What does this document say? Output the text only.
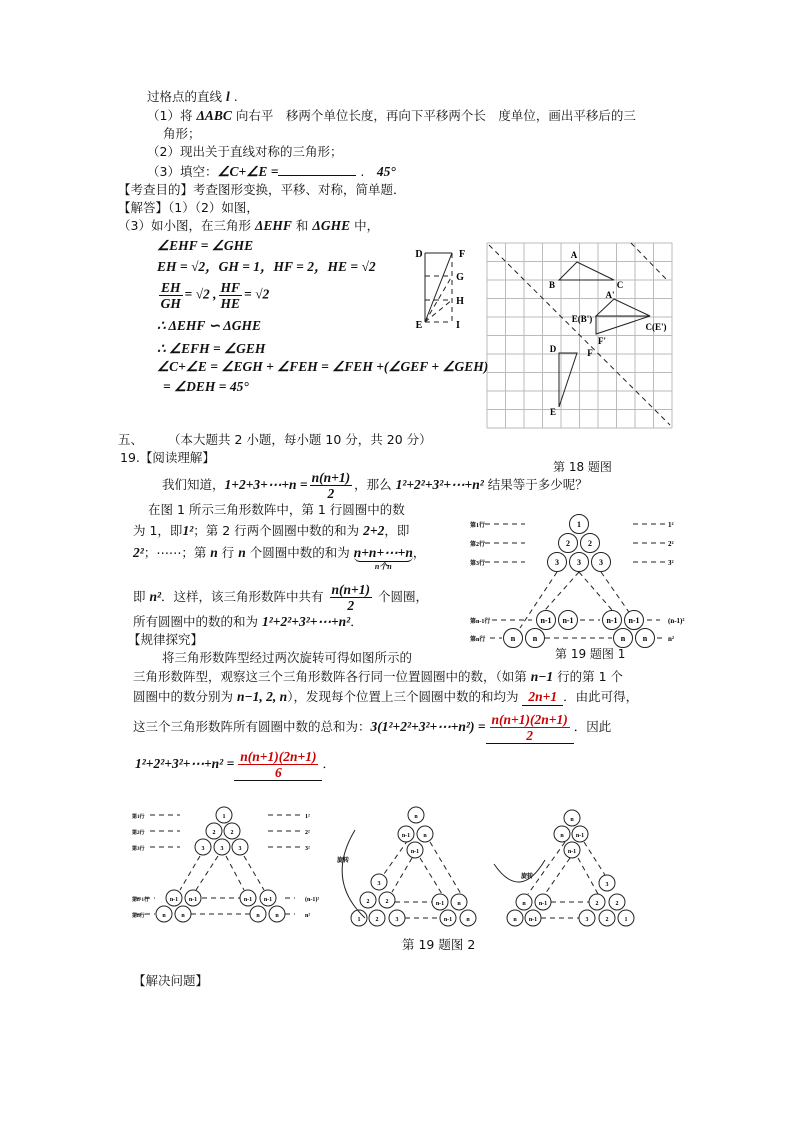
A
B	C
A'
E(B')
C(E')
F'
D	F
E
D	F
G
H
E	I
1
2 2
3 3 3
n-1 n-1	n-1 n-1
n n	n n
第1行	1²
第2行	2²
第3行	3²
第n-1行	(n-1)²
第n行	n²
1
2	2
3	3	3
n-1 n-1	n-1 n-1
n	n	n	n
第1行	1²
第2行	2²
第3行	3²
第n-1行	(n-1)²
第n行	n²
n
n-1 n
n-1
3
2	2	n-1 n
1	2	3	n-1 n
n
n n-1
n-1
3
n n-1	2	2
n n-1	3	2	1
旋转
旋转
过格点的直线 l .
（1）将 ΔABC 向右平　移两个单位长度，再向下平移两个长　度单位，画出平移后的三
角形；
（2）现出关于直线对称的三角形；
（3）填空：∠C+∠E =	.　45°
【考查目的】考查图形变换，平移、对称，简单题．
【解答】（1）（2）如图，
（3）如小图，在三角形 ΔEHF 和 ΔGHE 中，
∠EHF = ∠GHE
EH = √2，GH = 1，HF = 2，HE = √2
$\frac{EH}{GH} = √2$ , $\frac{HF}{HE} = √2$
∴ ΔEHF ∽ ΔGHE
∴ ∠EFH = ∠GEH
∠C+∠E = ∠EGH + ∠FEH = ∠FEH +(∠GEF + ∠GEH)
= ∠DEH = 45°
五、　　　	（本大题共 2 小题，每小题 10 分，共 20 分）
19.【阅读理解】
第 18 题图
我们知道，1+2+3+⋯+n = $\frac{n(n+1)}{2}$ ，那么 1²+2²+3²+⋯+n² 结果等于多少呢？
在图 1 所示三角形数阵中，第 1 行圆圈中的数
为 1，即1²；第 2 行两个圆圈中数的和为 2+2，即
2²；⋯⋯；第 n 行 n 个圆圈中数的和为 n+n+⋯+n
n个n
，
即 n²．这样，该三角形数阵中共有 $\frac{n(n+1)}{2}$ 个圆圈，
所有圆圈中的数的和为 1²+2²+3²+⋯+n²．
【规律探究】
第 19 题图 1
将三角形数阵型经过两次旋转可得如图所示的
三角形数阵型，观察这三个三角形数阵各行同一位置圆圈中的数，（如第 n−1 行的第 1 个
圆圈中的数分别为 n−1, 2, n），发现每个位置上三个圆圈中数的和均为 2n+1 ．由此可得，
这三个三角形数阵所有圆圈中数的总和为：3(1²+2²+3²+⋯+n²) = $\frac{n(n+1)(2n+1)}{2}$ ．因此
1²+2²+3²+⋯+n² = $\frac{n(n+1)(2n+1)}{6}$ ．
第 19 题图 2
【解决问题】
